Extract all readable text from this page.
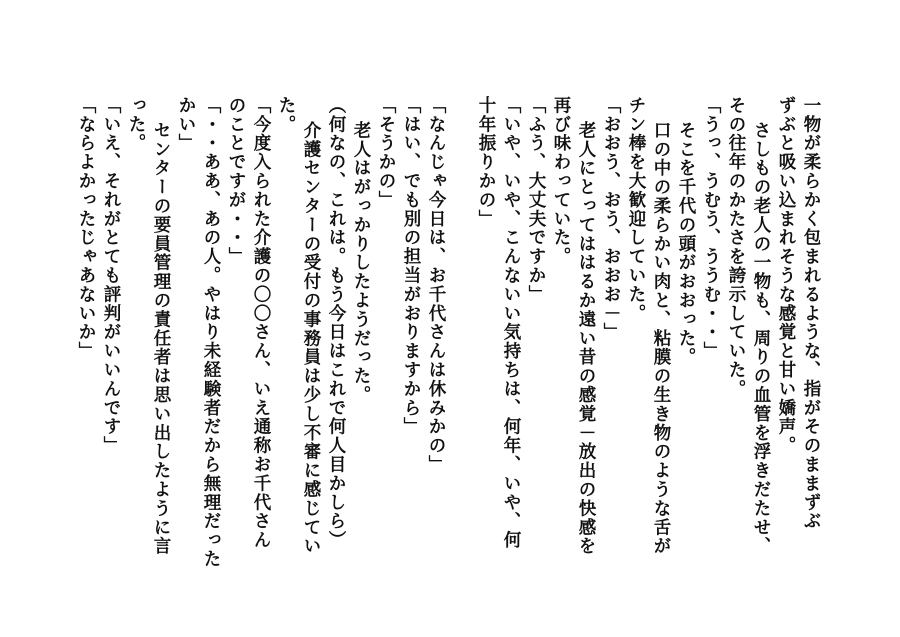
一物が柔らかく包まれるような、指がそのままずぶ
ずぶと吸い込まれそうな感覚と甘い嬌声。
さしもの老人の一物も、周りの血管を浮きだたせ、
その往年のかたさを誇示していた。
「うっ、うむう、ううむ・・」
そこを千代の頭がおおった。
口の中の柔らかい肉と、粘膜の生き物のような舌が
チン棒を大歓迎していた。
「おおう、おう、おおお－」
老人にとってははるか遠い昔の感覚－放出の快感を
再び味わっていた。
「ふう、大丈夫ですか」
「いや、いや、こんないい気持ちは、何年、いや、何
十年振りかの」
「なんじゃ今日は、お千代さんは休みかの」
「はい、でも別の担当がおりますから」
「そうかの」
老人はがっかりしたようだった。
（何なの、これは。もう今日はこれで何人目かしら）
介護センターの受付の事務員は少し不審に感じてい
た。
「今度入られた介護の〇〇さん、いえ通称お千代さん
のことですが・・」
「・・ああ、あの人。やはり未経験者だから無理だった
かい」
センターの要員管理の責任者は思い出したように言
った。
「いえ、それがとても評判がいいんです」
「ならよかったじゃあないか」
